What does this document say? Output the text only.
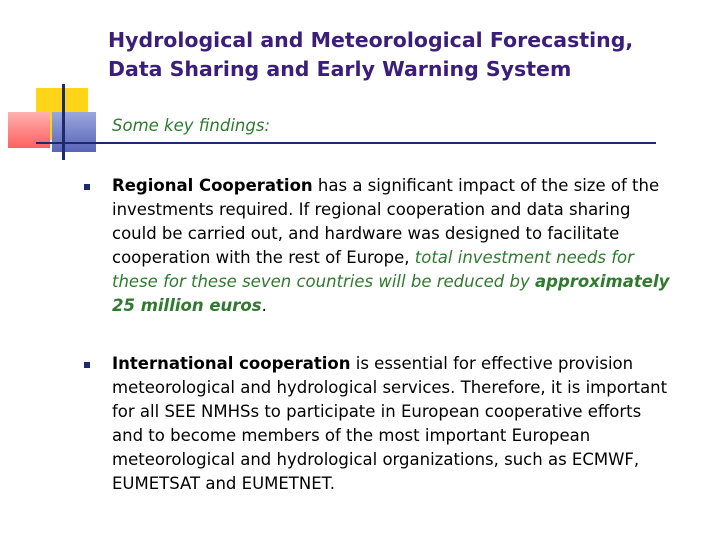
Hydrological and Meteorological Forecasting,
Data Sharing and Early Warning System
Some key findings:
Regional Cooperation has a significant impact of the size of the investments required. If regional cooperation and data sharing could be carried out, and hardware was designed to facilitate cooperation with the rest of Europe, total investment needs for these for these seven countries will be reduced by approximately 25 million euros.
International cooperation is essential for effective provision meteorological and hydrological services. Therefore, it is important for all SEE NMHSs to participate in European cooperative efforts and to become members of the most important European meteorological and hydrological organizations, such as ECMWF, EUMETSAT and EUMETNET.
